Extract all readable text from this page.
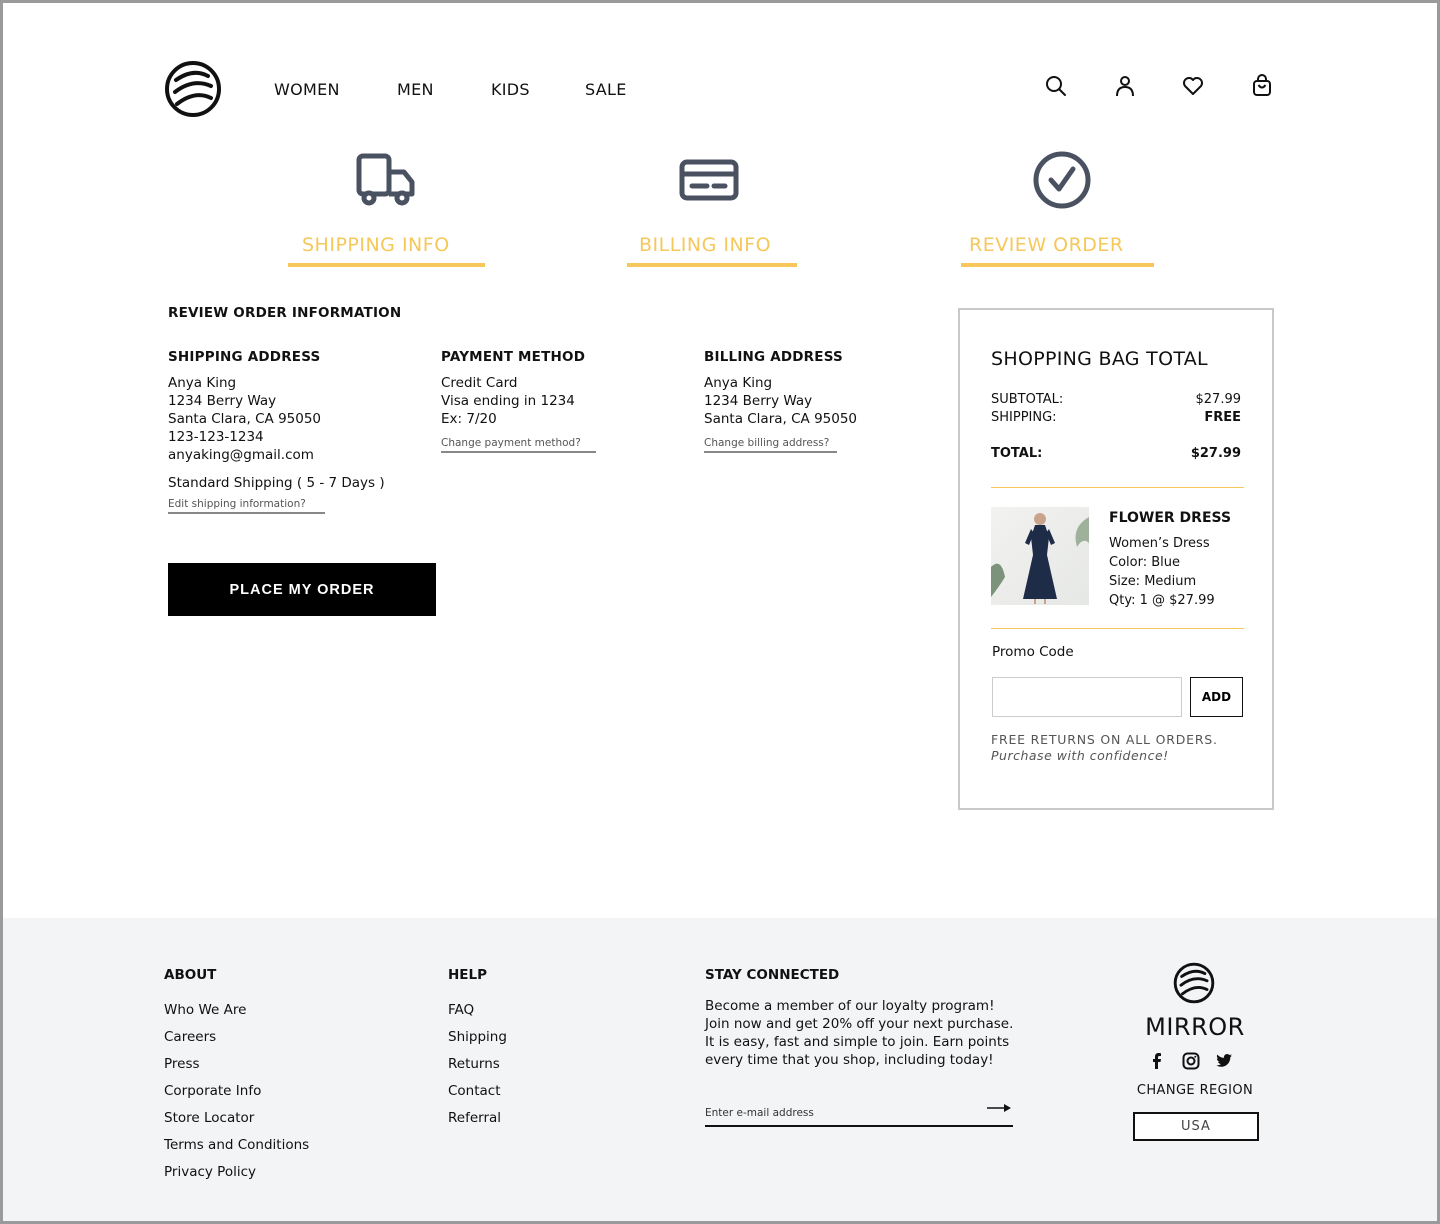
WOMEN	MEN	KIDS	SALE
SHIPPING INFO	BILLING INFO	REVIEW ORDER
REVIEW ORDER INFORMATION
SHIPPING ADDRESS
Anya King
1234 Berry Way
Santa Clara, CA 95050
123-123-1234
anyaking@gmail.com
Standard Shipping ( 5 - 7 Days )
Edit shipping information?
PAYMENT METHOD
Credit Card
Visa ending in 1234
Ex: 7/20
Change payment method?
BILLING ADDRESS
Anya King
1234 Berry Way
Santa Clara, CA 95050
Change billing address?
PLACE MY ORDER
SHOPPING BAG TOTAL
SUBTOTAL:	$27.99
SHIPPING:	FREE
TOTAL:	$27.99
FLOWER DRESS
Women’s Dress
Color: Blue
Size: Medium
Qty: 1 @ $27.99
Promo Code
ADD
FREE RETURNS ON ALL ORDERS.
Purchase with confidence!
ABOUT
Who We Are
Careers
Press
Corporate Info
Store Locator
Terms and Conditions
Privacy Policy
HELP
FAQ
Shipping
Returns
Contact
Referral
STAY CONNECTED

Become a member of our loyalty program! Join now and get 20% off your next purchase. It is easy, fast and simple to join. Earn points every time that you shop, including today!

Enter e-mail address
MIRROR
CHANGE REGION
USA
